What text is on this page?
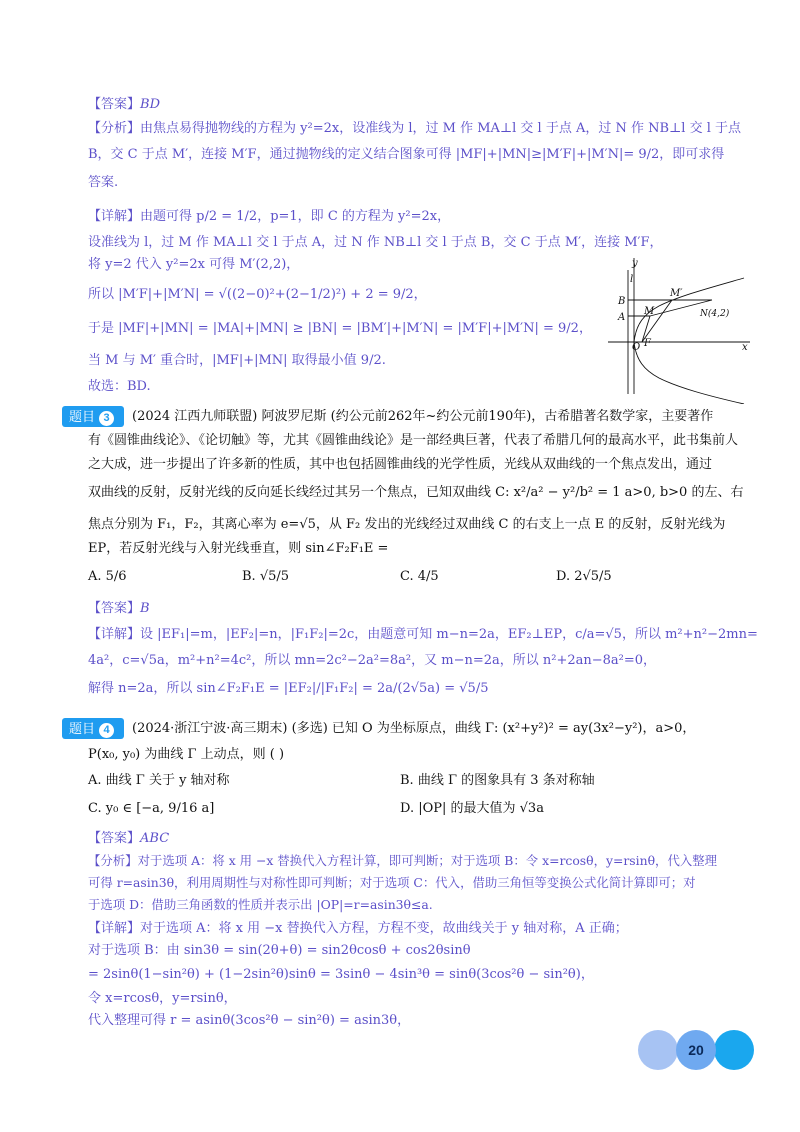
【答案】BD
【分析】由焦点易得抛物线的方程为 y²=2x，设准线为 l，过 M 作 MA⊥l 交 l 于点 A，过 N 作 NB⊥l 交 l 于点
B，交 C 于点 M′，连接 M′F，通过抛物线的定义结合图象可得 |MF|+|MN|≥|M′F|+|M′N|= 9/2，即可求得
答案.
【详解】由题可得 p/2 = 1/2，p=1，即 C 的方程为 y²=2x，
设准线为 l，过 M 作 MA⊥l 交 l 于点 A，过 N 作 NB⊥l 交 l 于点 B，交 C 于点 M′，连接 M′F，
将 y=2 代入 y²=2x 可得 M′(2,2)，
所以 |M′F|+|M′N| = √((2−0)²+(2−1/2)²) + 2 = 9/2，
于是 |MF|+|MN| = |MA|+|MN| ≥ |BN| = |BM′|+|M′N| = |M′F|+|M′N| = 9/2，
当 M 与 M′ 重合时，|MF|+|MN| 取得最小值 9/2.
故选：BD.
y
l
B
A
O F	x
M
M′
N(4,2)
题目 3	(2024 江西九师联盟) 阿波罗尼斯 (约公元前262年~约公元前190年)，古希腊著名数学家，主要著作
有《圆锥曲线论》、《论切触》等，尤其《圆锥曲线论》是一部经典巨著，代表了希腊几何的最高水平，此书集前人
之大成，进一步提出了许多新的性质，其中也包括圆锥曲线的光学性质，光线从双曲线的一个焦点发出，通过
双曲线的反射，反射光线的反向延长线经过其另一个焦点，已知双曲线 C: x²/a² − y²/b² = 1 a>0, b>0 的左、右
焦点分别为 F₁，F₂，其离心率为 e=√5，从 F₂ 发出的光线经过双曲线 C 的右支上一点 E 的反射，反射光线为
EP，若反射光线与入射光线垂直，则 sin∠F₂F₁E =
A. 5/6	B. √5/5	C. 4/5	D. 2√5/5
【答案】B
【详解】设 |EF₁|=m，|EF₂|=n，|F₁F₂|=2c，由题意可知 m−n=2a，EF₂⊥EP，c/a=√5，所以 m²+n²−2mn=
4a²，c=√5a，m²+n²=4c²，所以 mn=2c²−2a²=8a²，又 m−n=2a，所以 n²+2an−8a²=0，
解得 n=2a，所以 sin∠F₂F₁E = |EF₂|/|F₁F₂| = 2a/(2√5a) = √5/5
题目 4	(2024·浙江宁波·高三期末) (多选) 已知 O 为坐标原点，曲线 Γ: (x²+y²)² = ay(3x²−y²)，a>0，
P(x₀, y₀) 为曲线 Γ 上动点，则 ( )
A. 曲线 Γ 关于 y 轴对称	B. 曲线 Γ 的图象具有 3 条对称轴
C. y₀ ∈ [−a, 9/16 a]	D. |OP| 的最大值为 √3a
【答案】ABC
【分析】对于选项 A：将 x 用 −x 替换代入方程计算，即可判断；对于选项 B：令 x=rcosθ，y=rsinθ，代入整理
可得 r=asin3θ，利用周期性与对称性即可判断；对于选项 C：代入，借助三角恒等变换公式化简计算即可；对
于选项 D：借助三角函数的性质并表示出 |OP|=r=asin3θ≤a.
【详解】对于选项 A：将 x 用 −x 替换代入方程，方程不变，故曲线关于 y 轴对称，A 正确；
对于选项 B：由 sin3θ = sin(2θ+θ) = sin2θcosθ + cos2θsinθ
= 2sinθ(1−sin²θ) + (1−2sin²θ)sinθ = 3sinθ − 4sin³θ = sinθ(3cos²θ − sin²θ)，
令 x=rcosθ，y=rsinθ，
代入整理可得 r = asinθ(3cos²θ − sin²θ) = asin3θ，
20
